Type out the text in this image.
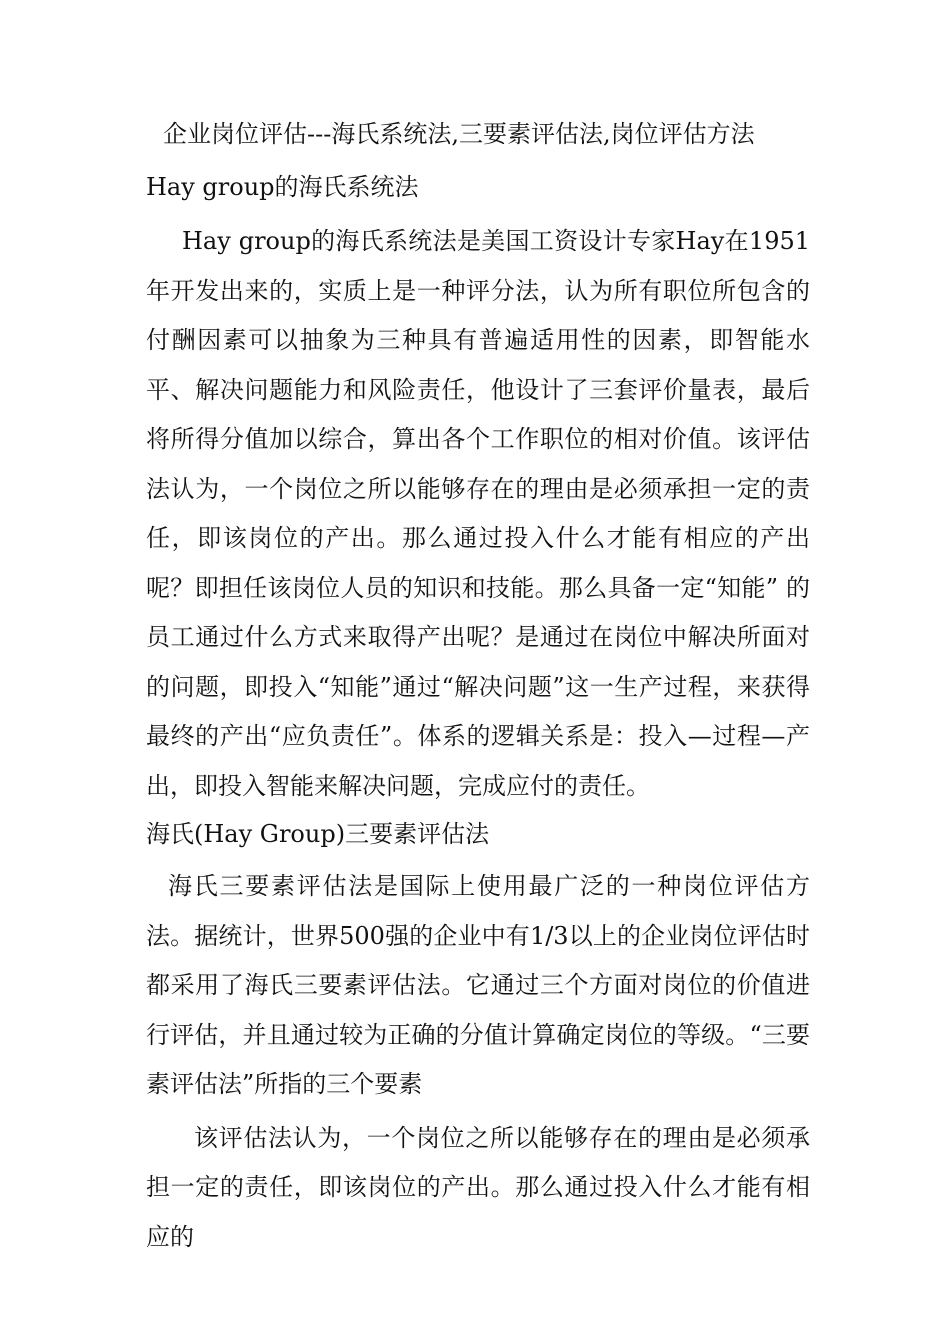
企业岗位评估---海氏系统法,三要素评估法,岗位评估方法
Hay group的海氏系统法

Hay group的海氏系统法是美国工资设计专家Hay在1951年开发出来的，实质上是一种评分法，认为所有职位所包含的付酬因素可以抽象为三种具有普遍适用性的因素，即智能水平、解决问题能力和风险责任，他设计了三套评价量表，最后将所得分值加以综合，算出各个工作职位的相对价值。该评估法认为，一个岗位之所以能够存在的理由是必须承担一定的责任，即该岗位的产出。那么通过投入什么才能有相应的产出呢？即担任该岗位人员的知识和技能。那么具备一定“知能” 的员工通过什么方式来取得产出呢？是通过在岗位中解决所面对的问题，即投入“知能”通过“解决问题”这一生产过程，来获得最终的产出“应负责任”。体系的逻辑关系是：投入—过程—产出，即投入智能来解决问题，完成应付的责任。

海氏(Hay Group)三要素评估法

海氏三要素评估法是国际上使用最广泛的一种岗位评估方法。据统计，世界500强的企业中有1/3以上的企业岗位评估时都采用了海氏三要素评估法。它通过三个方面对岗位的价值进行评估，并且通过较为正确的分值计算确定岗位的等级。“三要素评估法”所指的三个要素

该评估法认为，一个岗位之所以能够存在的理由是必须承担一定的责任，即该岗位的产出。那么通过投入什么才能有相应的
